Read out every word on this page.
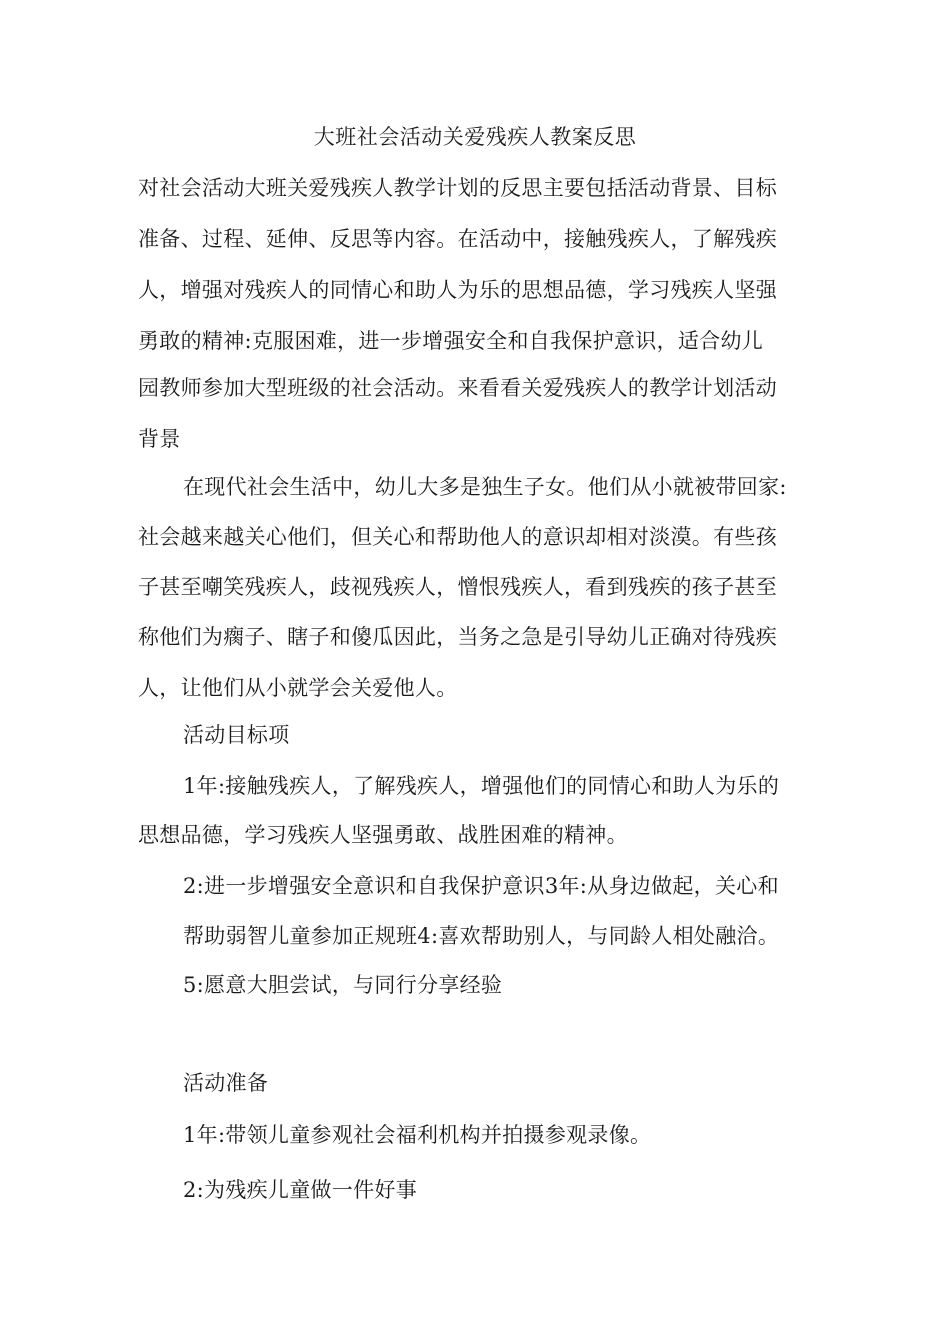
大班社会活动关爱残疾人教案反思
对社会活动大班关爱残疾人教学计划的反思主要包括活动背景、目标
准备、过程、延伸、反思等内容。在活动中，接触残疾人，了解残疾
人，增强对残疾人的同情心和助人为乐的思想品德，学习残疾人坚强
勇敢的精神:克服困难，进一步增强安全和自我保护意识，适合幼儿
园教师参加大型班级的社会活动。来看看关爱残疾人的教学计划活动
背景
在现代社会生活中，幼儿大多是独生子女。他们从小就被带回家:
社会越来越关心他们，但关心和帮助他人的意识却相对淡漠。有些孩
子甚至嘲笑残疾人，歧视残疾人，憎恨残疾人，看到残疾的孩子甚至
称他们为瘸子、瞎子和傻瓜因此，当务之急是引导幼儿正确对待残疾
人，让他们从小就学会关爱他人。
活动目标项
1年:接触残疾人，了解残疾人，增强他们的同情心和助人为乐的
思想品德，学习残疾人坚强勇敢、战胜困难的精神。
2:进一步增强安全意识和自我保护意识3年:从身边做起，关心和
帮助弱智儿童参加正规班4:喜欢帮助别人，与同龄人相处融洽。
5:愿意大胆尝试，与同行分享经验
活动准备
1年:带领儿童参观社会福利机构并拍摄参观录像。
2:为残疾儿童做一件好事
